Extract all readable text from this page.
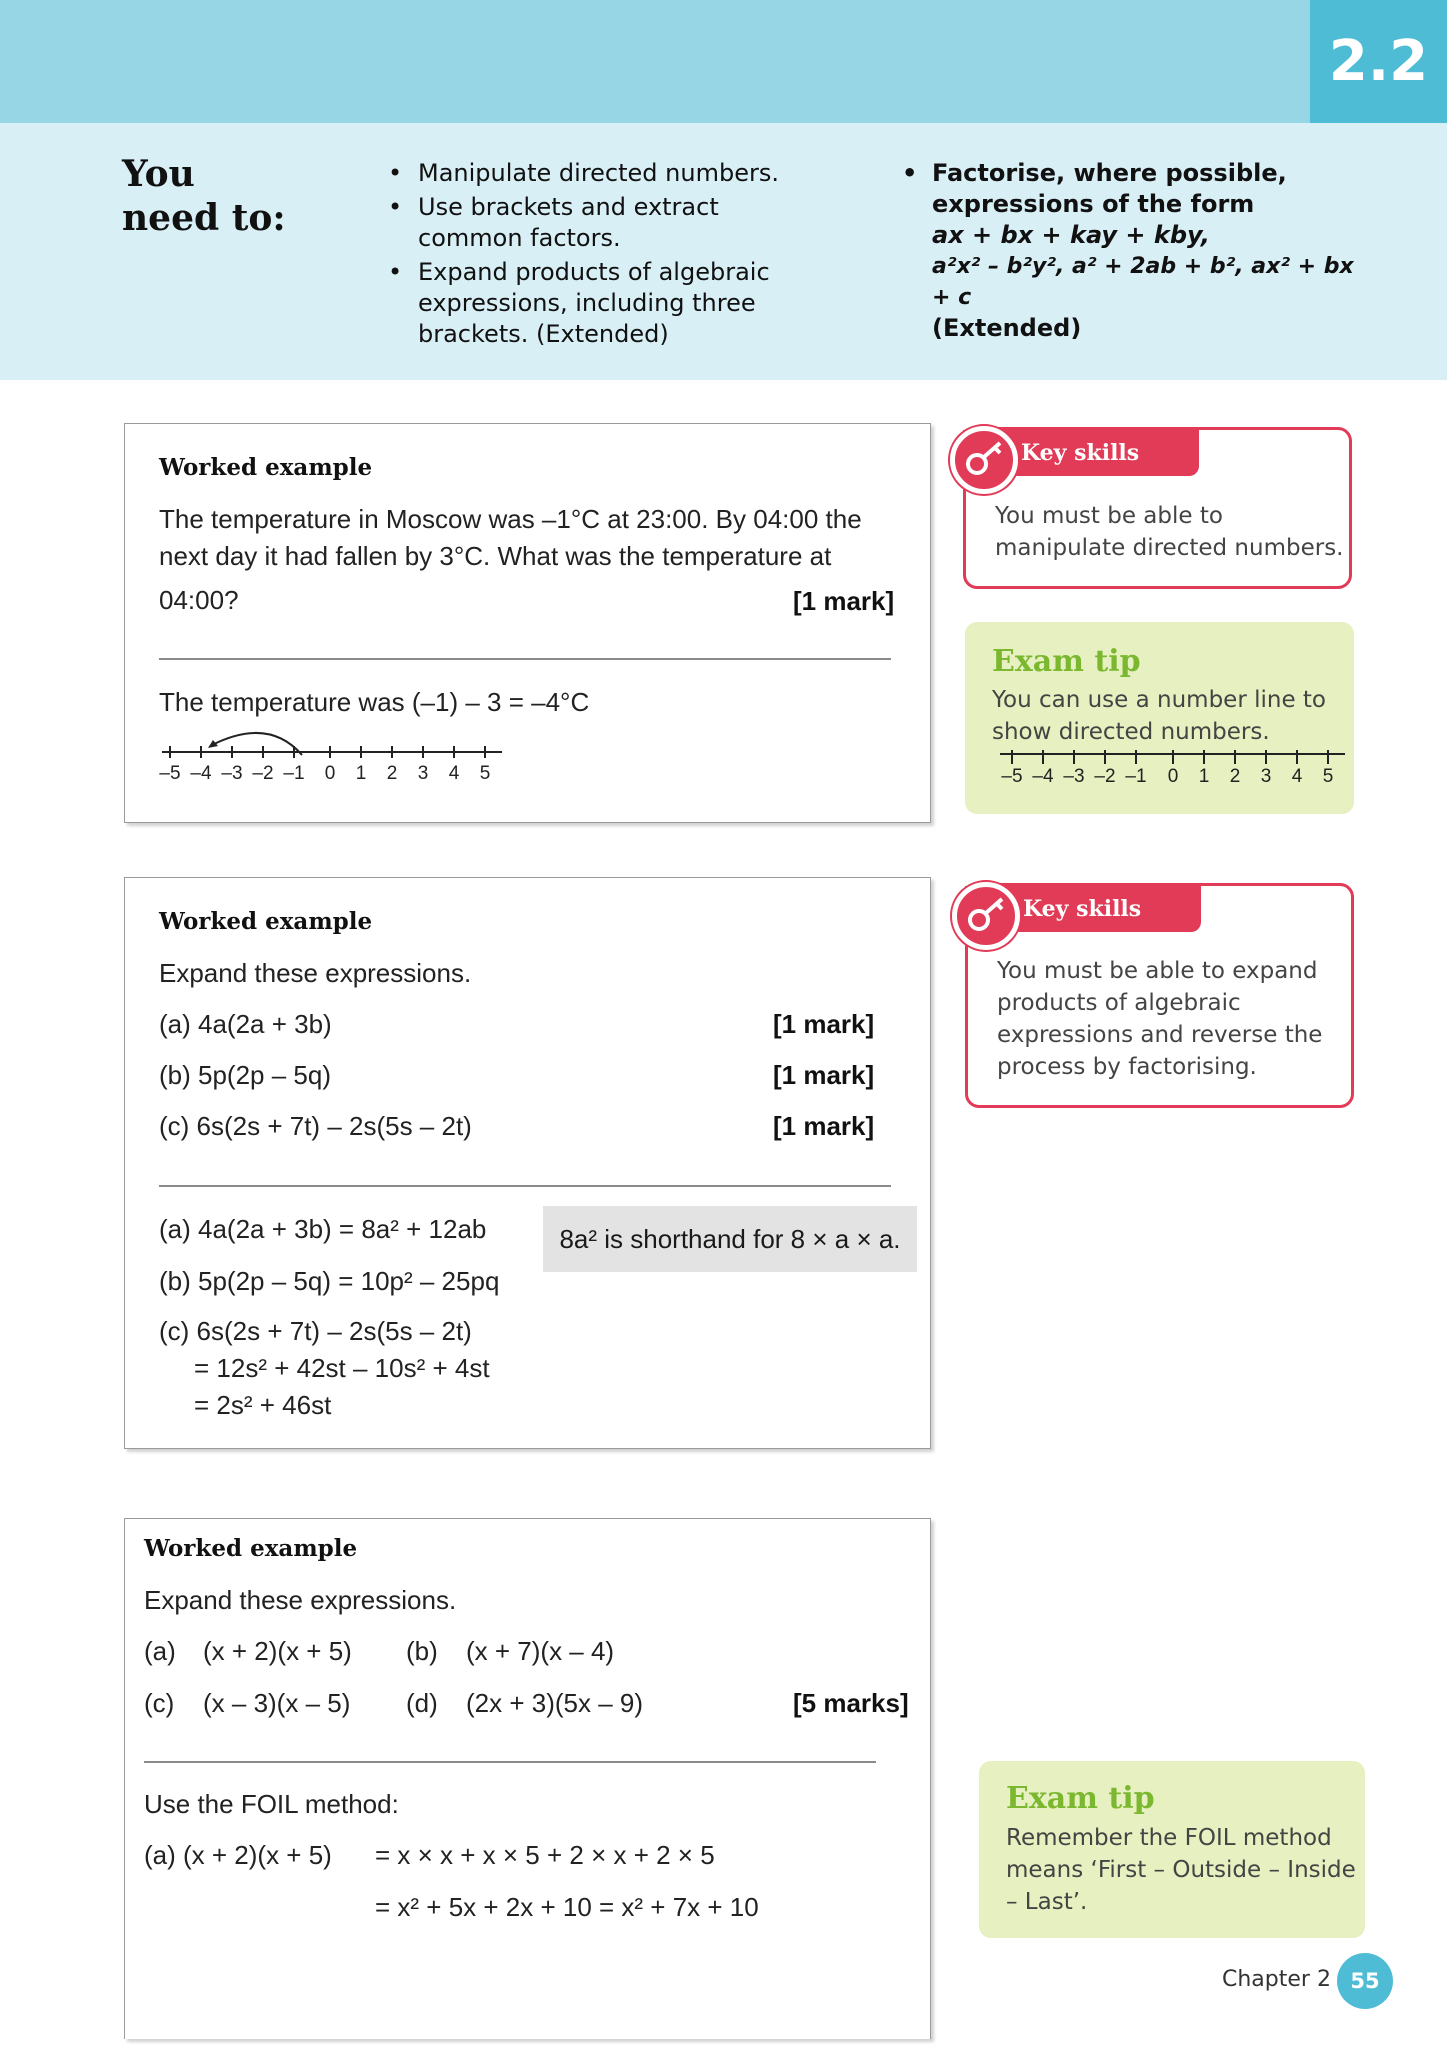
2.2
You
need to:
• Manipulate directed numbers.
• Use brackets and extract common factors.
• Expand products of algebraic expressions, including three brackets. (Extended)
• Factorise, where possible,
expressions of the form
ax + bx + kay + kby,
a²x² – b²y², a² + 2ab + b², ax² + bx + c
(Extended)
Worked example
The temperature in Moscow was –1°C at 23:00. By 04:00 the
next day it had fallen by 3°C. What was the temperature at
04:00?	[1 mark]
The temperature was (–1) – 3 = –4°C
–5 –4 –3 –2 –1	0	1	2	3	4	5
Key skills
You must be able to
manipulate directed numbers.
Exam tip
You can use a number line to
show directed numbers.
–5 –4 –3 –2 –1	0	1	2	3	4	5
Worked example
Expand these expressions.
(a) 4a(2a + 3b)	[1 mark]
(b) 5p(2p – 5q)	[1 mark]
(c) 6s(2s + 7t) – 2s(5s – 2t)	[1 mark]
(a) 4a(2a + 3b) = 8a² + 12ab
(b) 5p(2p – 5q) = 10p² – 25pq
(c) 6s(2s + 7t) – 2s(5s – 2t)
= 12s² + 42st – 10s² + 4st
= 2s² + 46st
8a² is shorthand for 8 × a × a.
Key skills
You must be able to expand
products of algebraic
expressions and reverse the
process by factorising.
Worked example
Expand these expressions.
(a) (x + 2)(x + 5) (b) (x + 7)(x – 4)
(c) (x – 3)(x – 5) (d) (2x + 3)(5x – 9)	[5 marks]
Use the FOIL method:
(a) (x + 2)(x + 5) = x × x + x × 5 + 2 × x + 2 × 5
= x² + 5x + 2x + 10 = x² + 7x + 10
Exam tip
Remember the FOIL method
means ‘First – Outside – Inside
– Last’.
Chapter 2 55
